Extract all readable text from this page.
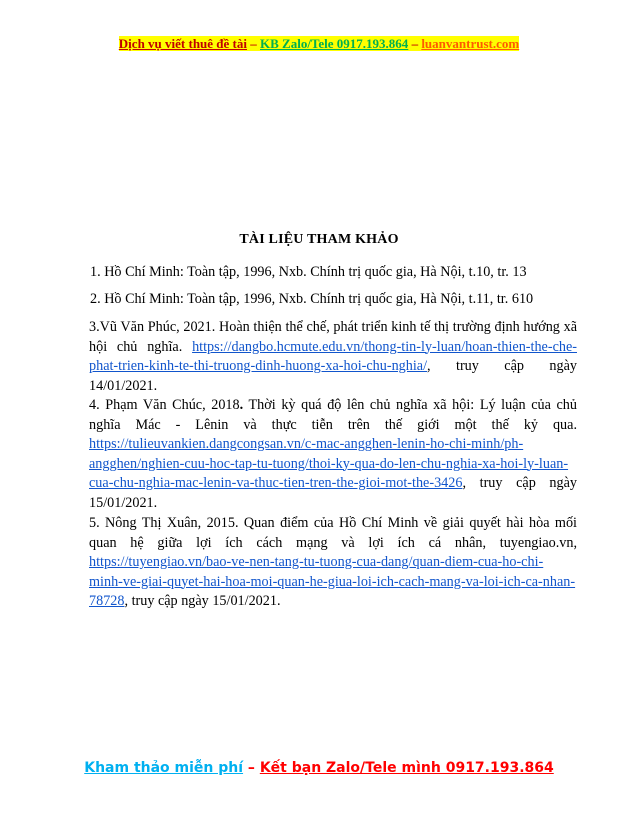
Dịch vụ viết thuê đề tài – KB Zalo/Tele 0917.193.864 – luanvantrust.com
TÀI LIỆU THAM KHẢO
1. Hồ Chí Minh: Toàn tập, 1996, Nxb. Chính trị quốc gia, Hà Nội, t.10, tr. 13
2. Hồ Chí Minh: Toàn tập, 1996, Nxb. Chính trị quốc gia, Hà Nội, t.11, tr. 610
3.Vũ Văn Phúc, 2021. Hoàn thiện thể chế, phát triển kinh tế thị trường định hướng xã hội chủ nghĩa. https://dangbo.hcmute.edu.vn/thong-tin-ly-luan/hoan-thien-the-che-phat-trien-kinh-te-thi-truong-dinh-huong-xa-hoi-chu-nghia/, truy cập ngày 14/01/2021.
4. Phạm Văn Chúc, 2018. Thời kỳ quá độ lên chủ nghĩa xã hội: Lý luận của chủ nghĩa Mác - Lênin và thực tiễn trên thế giới một thế kỷ qua. https://tulieuvankien.dangcongsan.vn/c-mac-angghen-lenin-ho-chi-minh/ph-angghen/nghien-cuu-hoc-tap-tu-tuong/thoi-ky-qua-do-len-chu-nghia-xa-hoi-ly-luan-cua-chu-nghia-mac-lenin-va-thuc-tien-tren-the-gioi-mot-the-3426, truy cập ngày 15/01/2021.
5. Nông Thị Xuân, 2015. Quan điểm của Hồ Chí Minh về giải quyết hài hòa mối quan hệ giữa lợi ích cách mạng và lợi ích cá nhân, tuyengiao.vn, https://tuyengiao.vn/bao-ve-nen-tang-tu-tuong-cua-dang/quan-diem-cua-ho-chi-minh-ve-giai-quyet-hai-hoa-moi-quan-he-giua-loi-ich-cach-mang-va-loi-ich-ca-nhan-78728, truy cập ngày 15/01/2021.
Kham thảo miễn phí – Kết bạn Zalo/Tele mình 0917.193.864
